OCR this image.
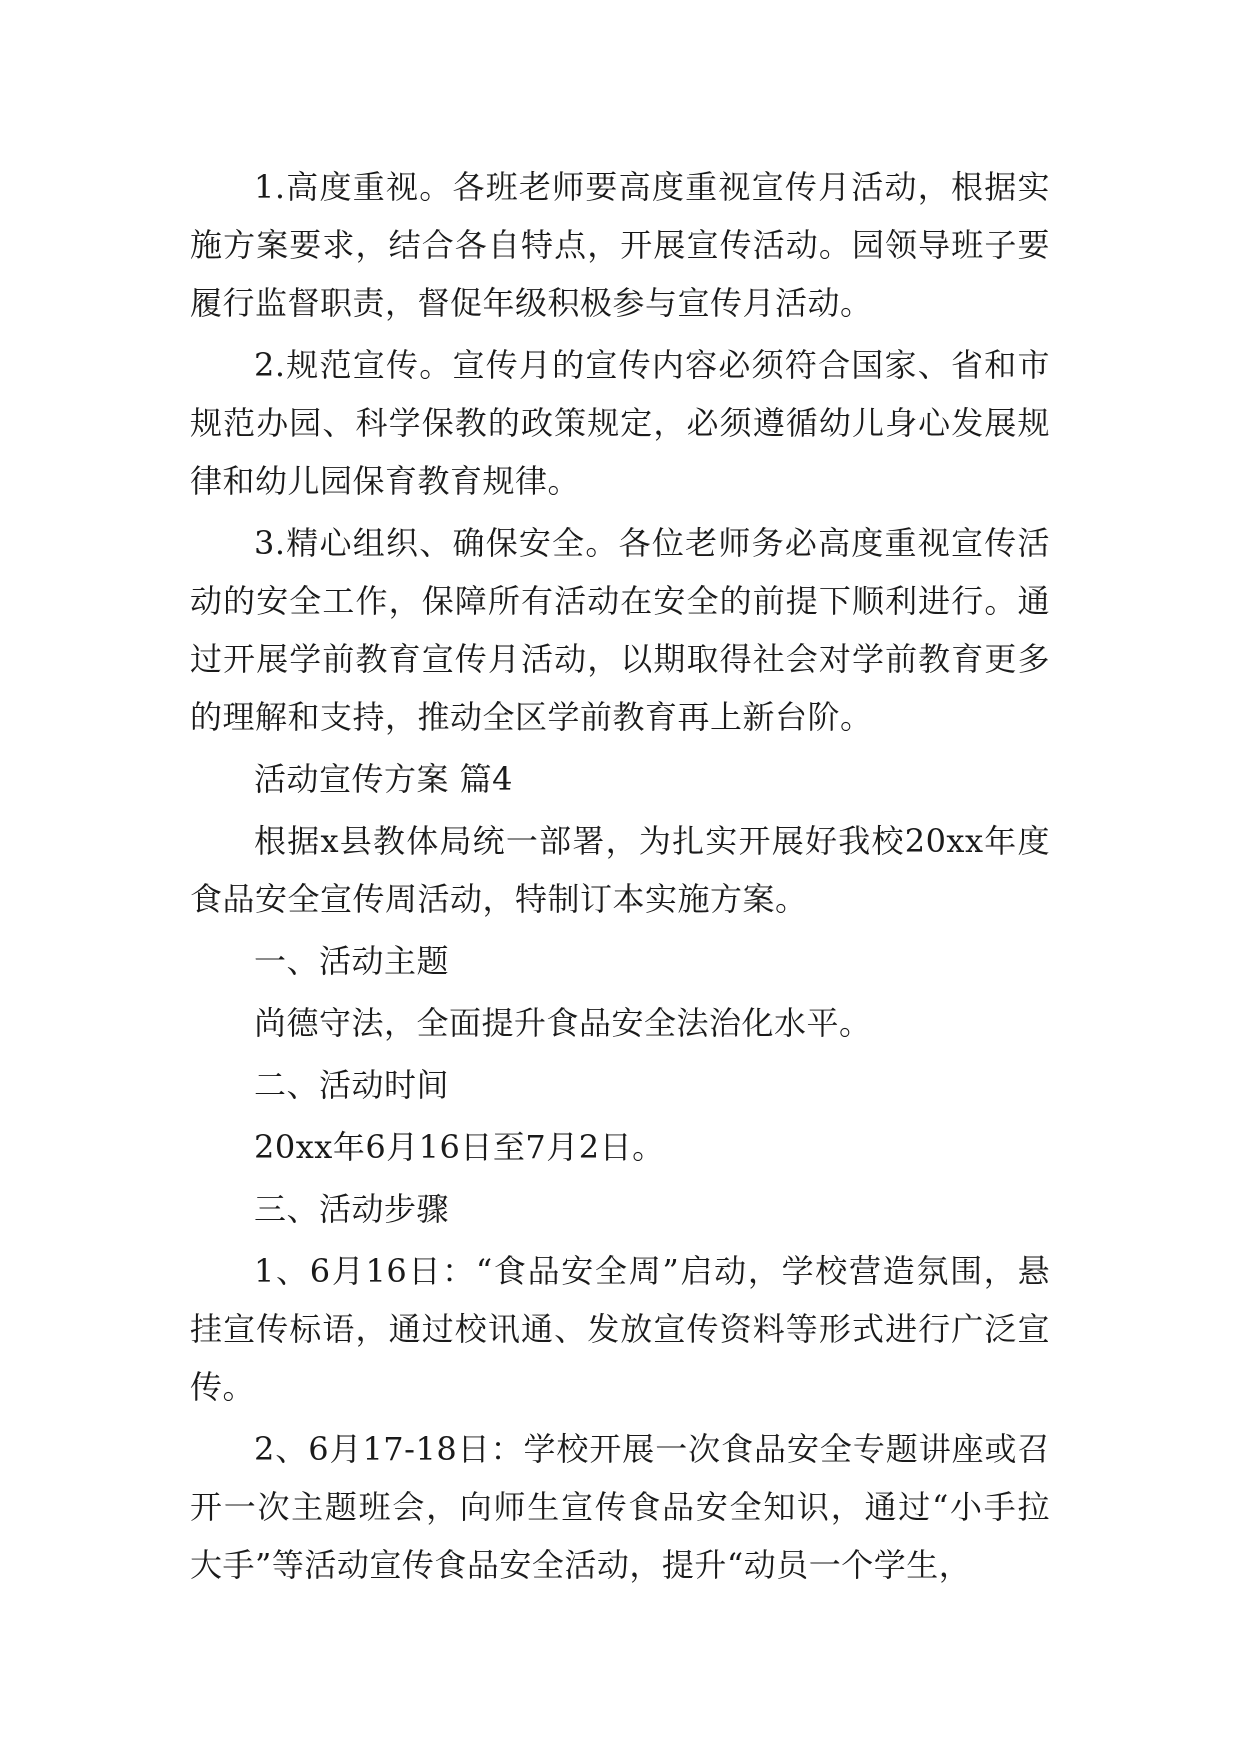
1.高度重视。各班老师要高度重视宣传月活动，根据实施方案要求，结合各自特点，开展宣传活动。园领导班子要履行监督职责，督促年级积极参与宣传月活动。

2.规范宣传。宣传月的宣传内容必须符合国家、省和市规范办园、科学保教的政策规定，必须遵循幼儿身心发展规律和幼儿园保育教育规律。

3.精心组织、确保安全。各位老师务必高度重视宣传活动的安全工作，保障所有活动在安全的前提下顺利进行。通过开展学前教育宣传月活动，以期取得社会对学前教育更多的理解和支持，推动全区学前教育再上新台阶。

活动宣传方案 篇4

根据x县教体局统一部署，为扎实开展好我校20xx年度食品安全宣传周活动，特制订本实施方案。

一、活动主题

尚德守法，全面提升食品安全法治化水平。

二、活动时间

20xx年6月16日至7月2日。

三、活动步骤

1、6月16日：“食品安全周”启动，学校营造氛围，悬挂宣传标语，通过校讯通、发放宣传资料等形式进行广泛宣传。

2、6月17-18日：学校开展一次食品安全专题讲座或召开一次主题班会，向师生宣传食品安全知识，通过“小手拉大手”等活动宣传食品安全活动，提升“动员一个学生，
